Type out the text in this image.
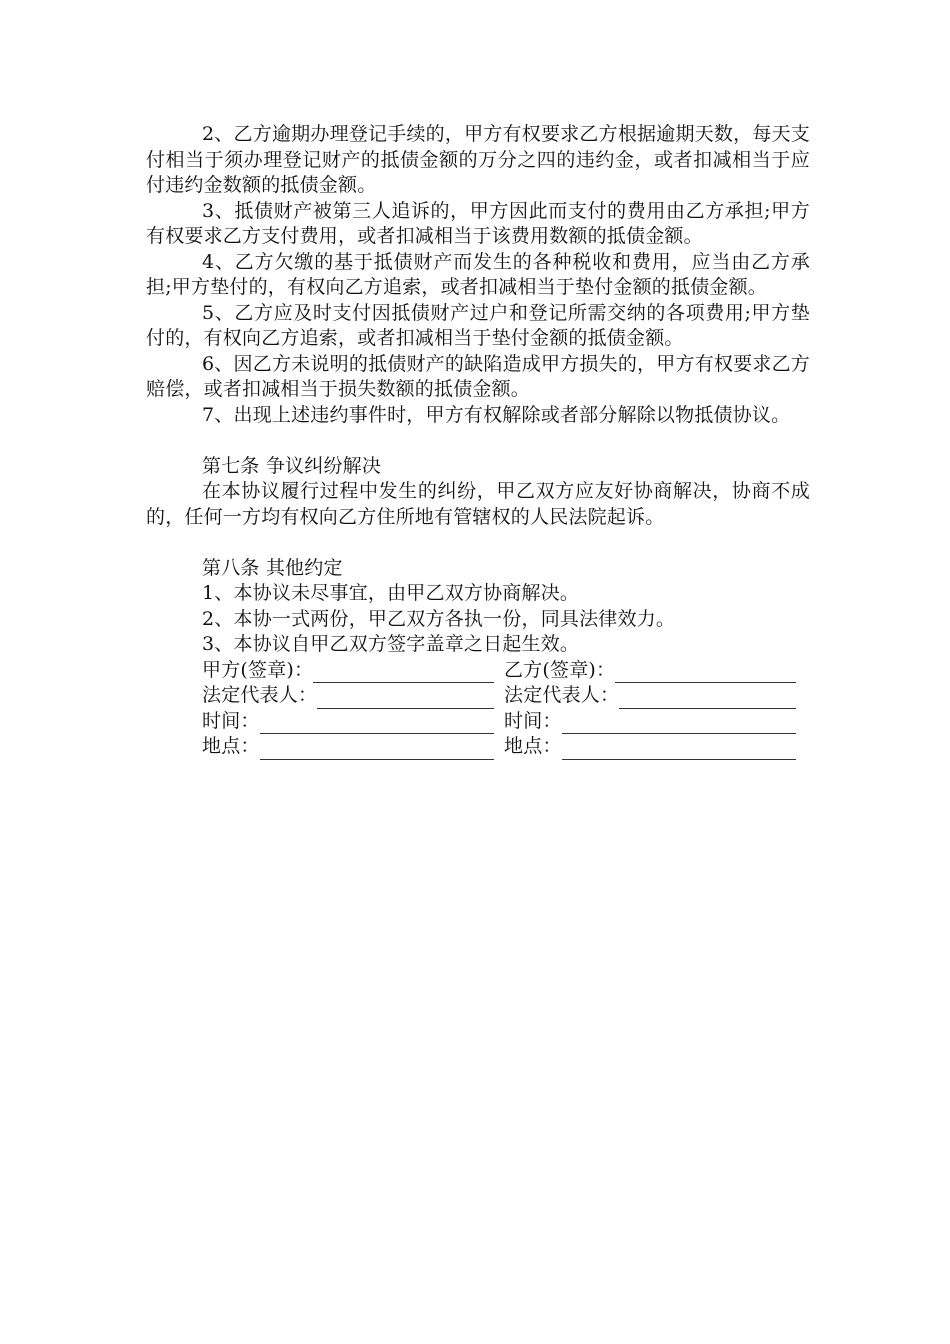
2、乙方逾期办理登记手续的，甲方有权要求乙方根据逾期天数，每天支付相当于须办理登记财产的抵债金额的万分之四的违约金，或者扣减相当于应付违约金数额的抵债金额。

3、抵债财产被第三人追诉的，甲方因此而支付的费用由乙方承担;甲方有权要求乙方支付费用，或者扣减相当于该费用数额的抵债金额。

4、乙方欠缴的基于抵债财产而发生的各种税收和费用，应当由乙方承担;甲方垫付的，有权向乙方追索，或者扣减相当于垫付金额的抵债金额。

5、乙方应及时支付因抵债财产过户和登记所需交纳的各项费用;甲方垫付的，有权向乙方追索，或者扣减相当于垫付金额的抵债金额。

6、因乙方未说明的抵债财产的缺陷造成甲方损失的，甲方有权要求乙方赔偿，或者扣减相当于损失数额的抵债金额。

7、出现上述违约事件时，甲方有权解除或者部分解除以物抵债协议。

第七条 争议纠纷解决

在本协议履行过程中发生的纠纷，甲乙双方应友好协商解决，协商不成的，任何一方均有权向乙方住所地有管辖权的人民法院起诉。

第八条 其他约定

1、本协议未尽事宜，由甲乙双方协商解决。

2、本协一式两份，甲乙双方各执一份，同具法律效力。

3、本协议自甲乙双方签字盖章之日起生效。

甲方(签章)：	乙方(签章)：
法定代表人：	法定代表人：
时间：	时间：
地点：	地点：
